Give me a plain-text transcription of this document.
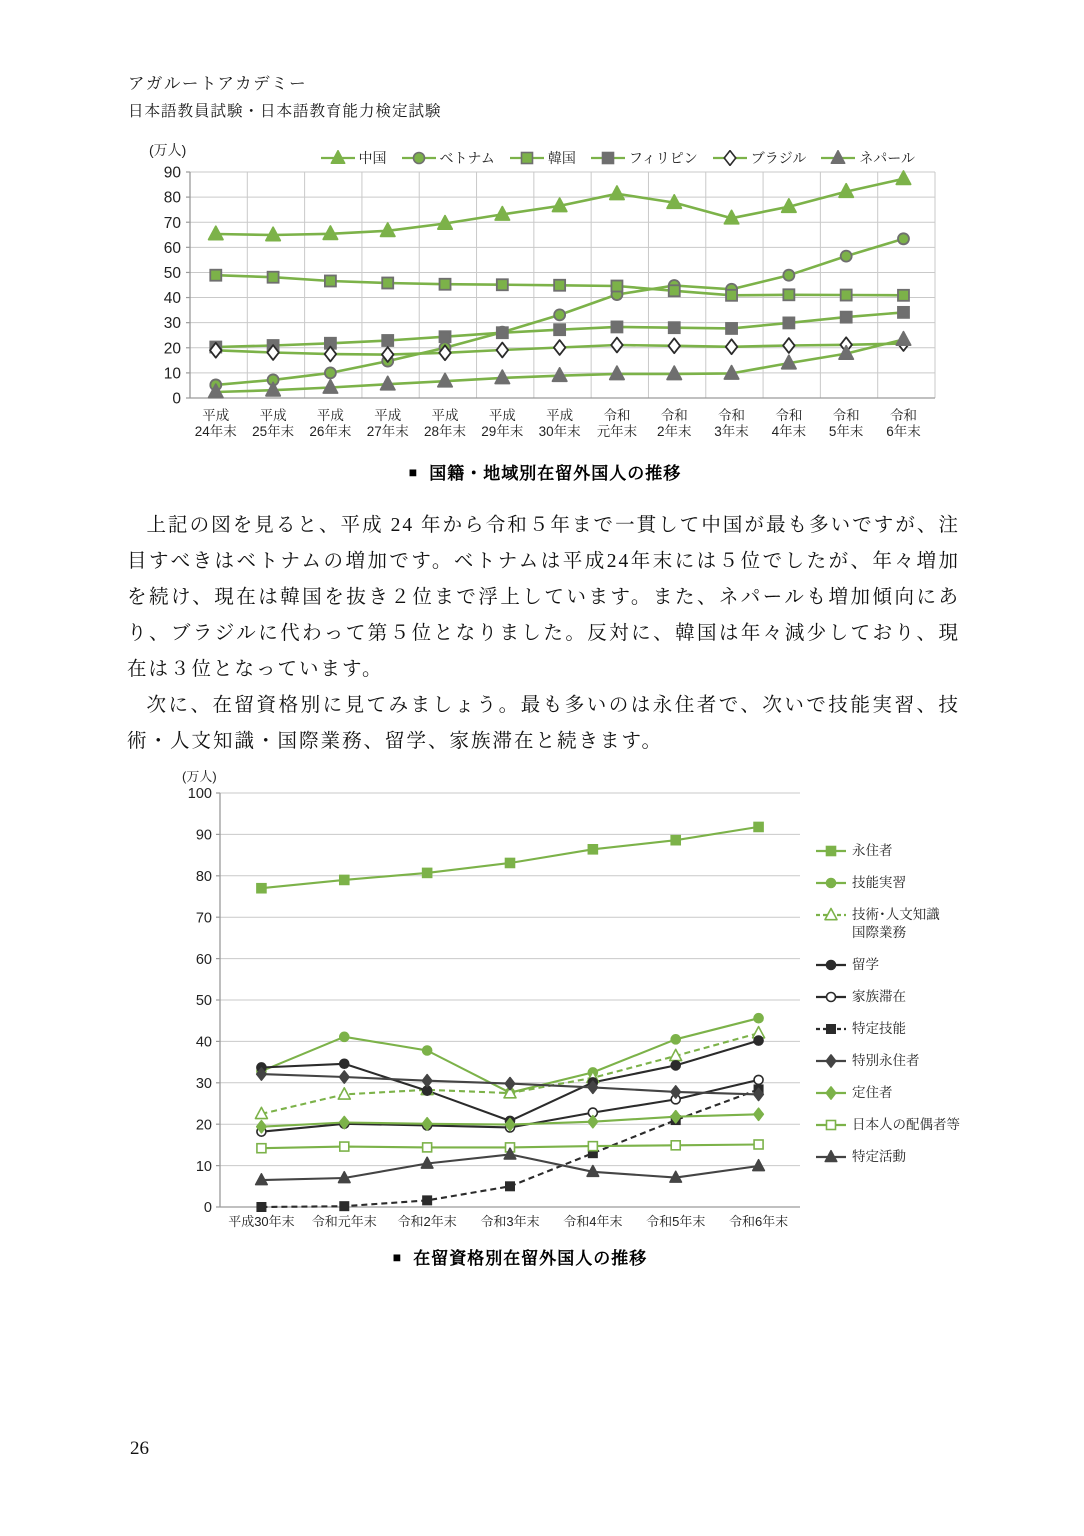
アガルートアカデミー
日本語教員試験・日本語教育能力検定試験
(万人)	中国	ベトナム	韓国	フィリピン	ブラジル	ネパール
0
10
20
30
40
50
60
70
80
90
平成
24年末
平成
25年末
平成
26年末
平成
27年末
平成
28年末
平成
29年末
平成
30年末
令和
元年末
令和
2年末
令和
3年末
令和
4年末
令和
5年末
令和
6年末
■ 国籍・地域別在留外国人の推移

上記の図を見ると、平成 24 年から令和５年まで一貫して中国が最も多いですが、注目すべきはベトナムの増加です。ベトナムは平成24年末には５位でしたが、年々増加を続け、現在は韓国を抜き２位まで浮上しています。また、ネパールも増加傾向にあり、ブラジルに代わって第５位となりました。反対に、韓国は年々減少しており、現在は３位となっています。

次に、在留資格別に見てみましょう。最も多いのは永住者で、次いで技能実習、技術・人文知識・国際業務、留学、家族滞在と続きます。

(万人)
0
10
20
30
40
50
60
70
80
90
100
平成30年末 令和元年末 令和2年末 令和3年末 令和4年末 令和5年末 令和6年末
永住者
技能実習
技術･人文知識
国際業務
留学
家族滞在
特定技能
特別永住者
定住者
日本人の配偶者等
特定活動
■ 在留資格別在留外国人の推移
26
